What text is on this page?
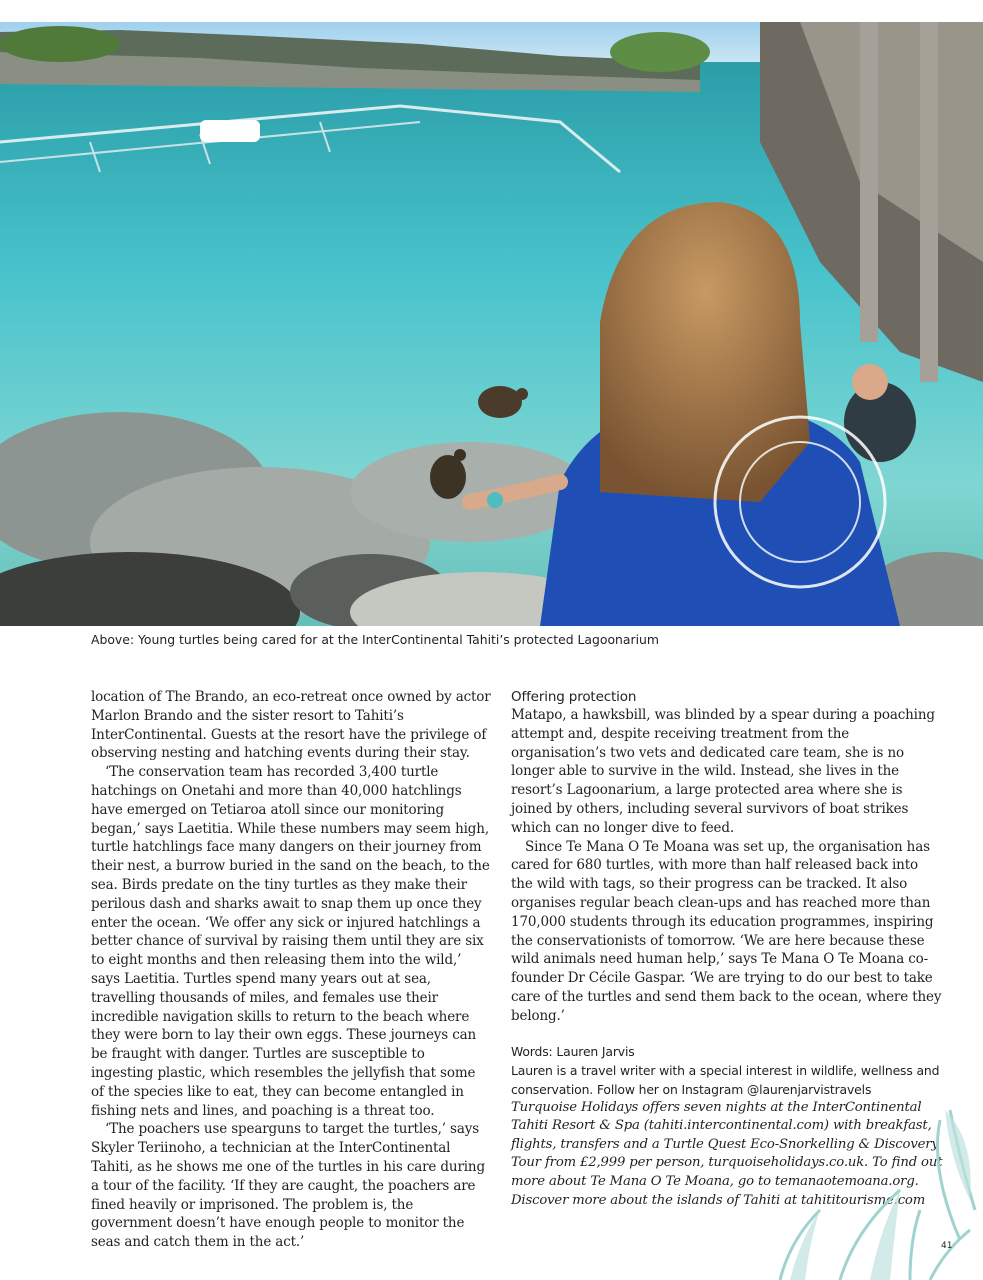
Above: Young turtles being cared for at the InterContinental Tahiti’s protected Lagoonarium

location of The Brando, an eco-retreat once owned by actor Marlon Brando and the sister resort to Tahiti’s InterContinental. Guests at the resort have the privilege of observing nesting and hatching events during their stay.

‘The conservation team has recorded 3,400 turtle hatchings on Onetahi and more than 40,000 hatchlings have emerged on Tetiaroa atoll since our monitoring began,’ says Laetitia. While these numbers may seem high, turtle hatchlings face many dangers on their journey from their nest, a burrow buried in the sand on the beach, to the sea. Birds predate on the tiny turtles as they make their perilous dash and sharks await to snap them up once they enter the ocean. ‘We offer any sick or injured hatchlings a better chance of survival by raising them until they are six to eight months and then releasing them into the wild,’ says Laetitia. Turtles spend many years out at sea, travelling thousands of miles, and females use their incredible navigation skills to return to the beach where they were born to lay their own eggs. These journeys can be fraught with danger. Turtles are susceptible to ingesting plastic, which resembles the jellyfish that some of the species like to eat, they can become entangled in fishing nets and lines, and poaching is a threat too.

‘The poachers use spearguns to target the turtles,’ says Skyler Teriinoho, a technician at the InterContinental Tahiti, as he shows me one of the turtles in his care during a tour of the facility. ‘If they are caught, the poachers are fined heavily or imprisoned. The problem is, the government doesn’t have enough people to monitor the seas and catch them in the act.’

Offering protection

Matapo, a hawksbill, was blinded by a spear during a poaching attempt and, despite receiving treatment from the organisation’s two vets and dedicated care team, she is no longer able to survive in the wild. Instead, she lives in the resort’s Lagoonarium, a large protected area where she is joined by others, including several survivors of boat strikes which can no longer dive to feed.

Since Te Mana O Te Moana was set up, the organisation has cared for 680 turtles, with more than half released back into the wild with tags, so their progress can be tracked. It also organises regular beach clean-ups and has reached more than 170,000 students through its education programmes, inspiring the conservationists of tomorrow. ‘We are here because these wild animals need human help,’ says Te Mana O Te Moana co-founder Dr Cécile Gaspar. ‘We are trying to do our best to take care of the turtles and send them back to the ocean, where they belong.’

Words: Lauren Jarvis
Lauren is a travel writer with a special interest in wildlife, wellness and conservation. Follow her on Instagram @laurenjarvistravels

Turquoise Holidays offers seven nights at the InterContinental Tahiti Resort & Spa (tahiti.intercontinental.com) with breakfast, flights, transfers and a Turtle Quest Eco-Snorkelling & Discovery Tour from £2,999 per person, turquoiseholidays.co.uk. To find out more about Te Mana O Te Moana, go to temanaotemoana.org. Discover more about the islands of Tahiti at tahititourisme.com

41
